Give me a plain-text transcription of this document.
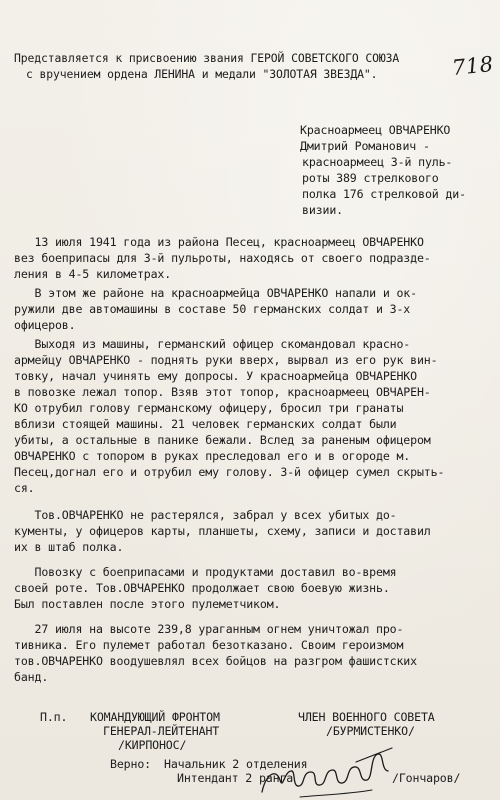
Представляется к присвоению звания ГЕРОЙ СОВЕТСКОГО СОЮЗА
с вручением ордена ЛЕНИНА и медали "ЗОЛОТАЯ ЗВЕЗДА".	718
Красноармеец ОВЧАРЕНКО
Дмитрий Романович -
красноармеец 3-й пуль-
роты 389 стрелкового
полка 176 стрелковой ди-
визии.
13 июля 1941 года из района Песец, красноармеец ОВЧАРЕНКО
вез боеприпасы для 3-й пульроты, находясь от своего подразде-
ления в 4-5 километрах.
В этом же районе на красноармейца ОВЧАРЕНКО напали и ок-
ружили две автомашины в составе 50 германских солдат и 3-х
офицеров.
Выходя из машины, германский офицер скомандовал красно-
армейцу ОВЧАРЕНКО - поднять руки вверх, вырвал из его рук вин-
товку, начал учинять ему допросы. У красноармейца ОВЧАРЕНКО
в повозке лежал топор. Взяв этот топор, красноармеец ОВЧАРЕН-
КО отрубил голову германскому офицеру, бросил три гранаты
вблизи стоящей машины. 21 человек германских солдат были
убиты, а остальные в панике бежали. Вслед за раненым офицером
ОВЧАРЕНКО с топором в руках преследовал его и в огороде м.
Песец,догнал его и отрубил ему голову. 3-й офицер сумел скрыть-
ся.
Тов.ОВЧАРЕНКО не растерялся, забрал у всех убитых до-
кументы, у офицеров карты, планшеты, схему, записи и доставил
их в штаб полка.
Повозку с боеприпасами и продуктами доставил во-время
своей роте. Тов.ОВЧАРЕНКО продолжает свою боевую жизнь.
Был поставлен после этого пулеметчиком.
27 июля на высоте 239,8 ураганным огнем уничтожал про-
тивника. Его пулемет работал безотказано. Своим героизмом
тов.ОВЧАРЕНКО воодушевлял всех бойцов на разгром фашистских
банд.
П.п. КОМАНДУЮЩИЙ ФРОНТОМ
ГЕНЕРАЛ-ЛЕЙТЕНАНТ
/КИРПОНОС/
ЧЛЕН ВОЕННОГО СОВЕТА
/БУРМИСТЕНКО/
Верно: Начальник 2 отделения
Интендант 2 ранга	/Гончаров/
